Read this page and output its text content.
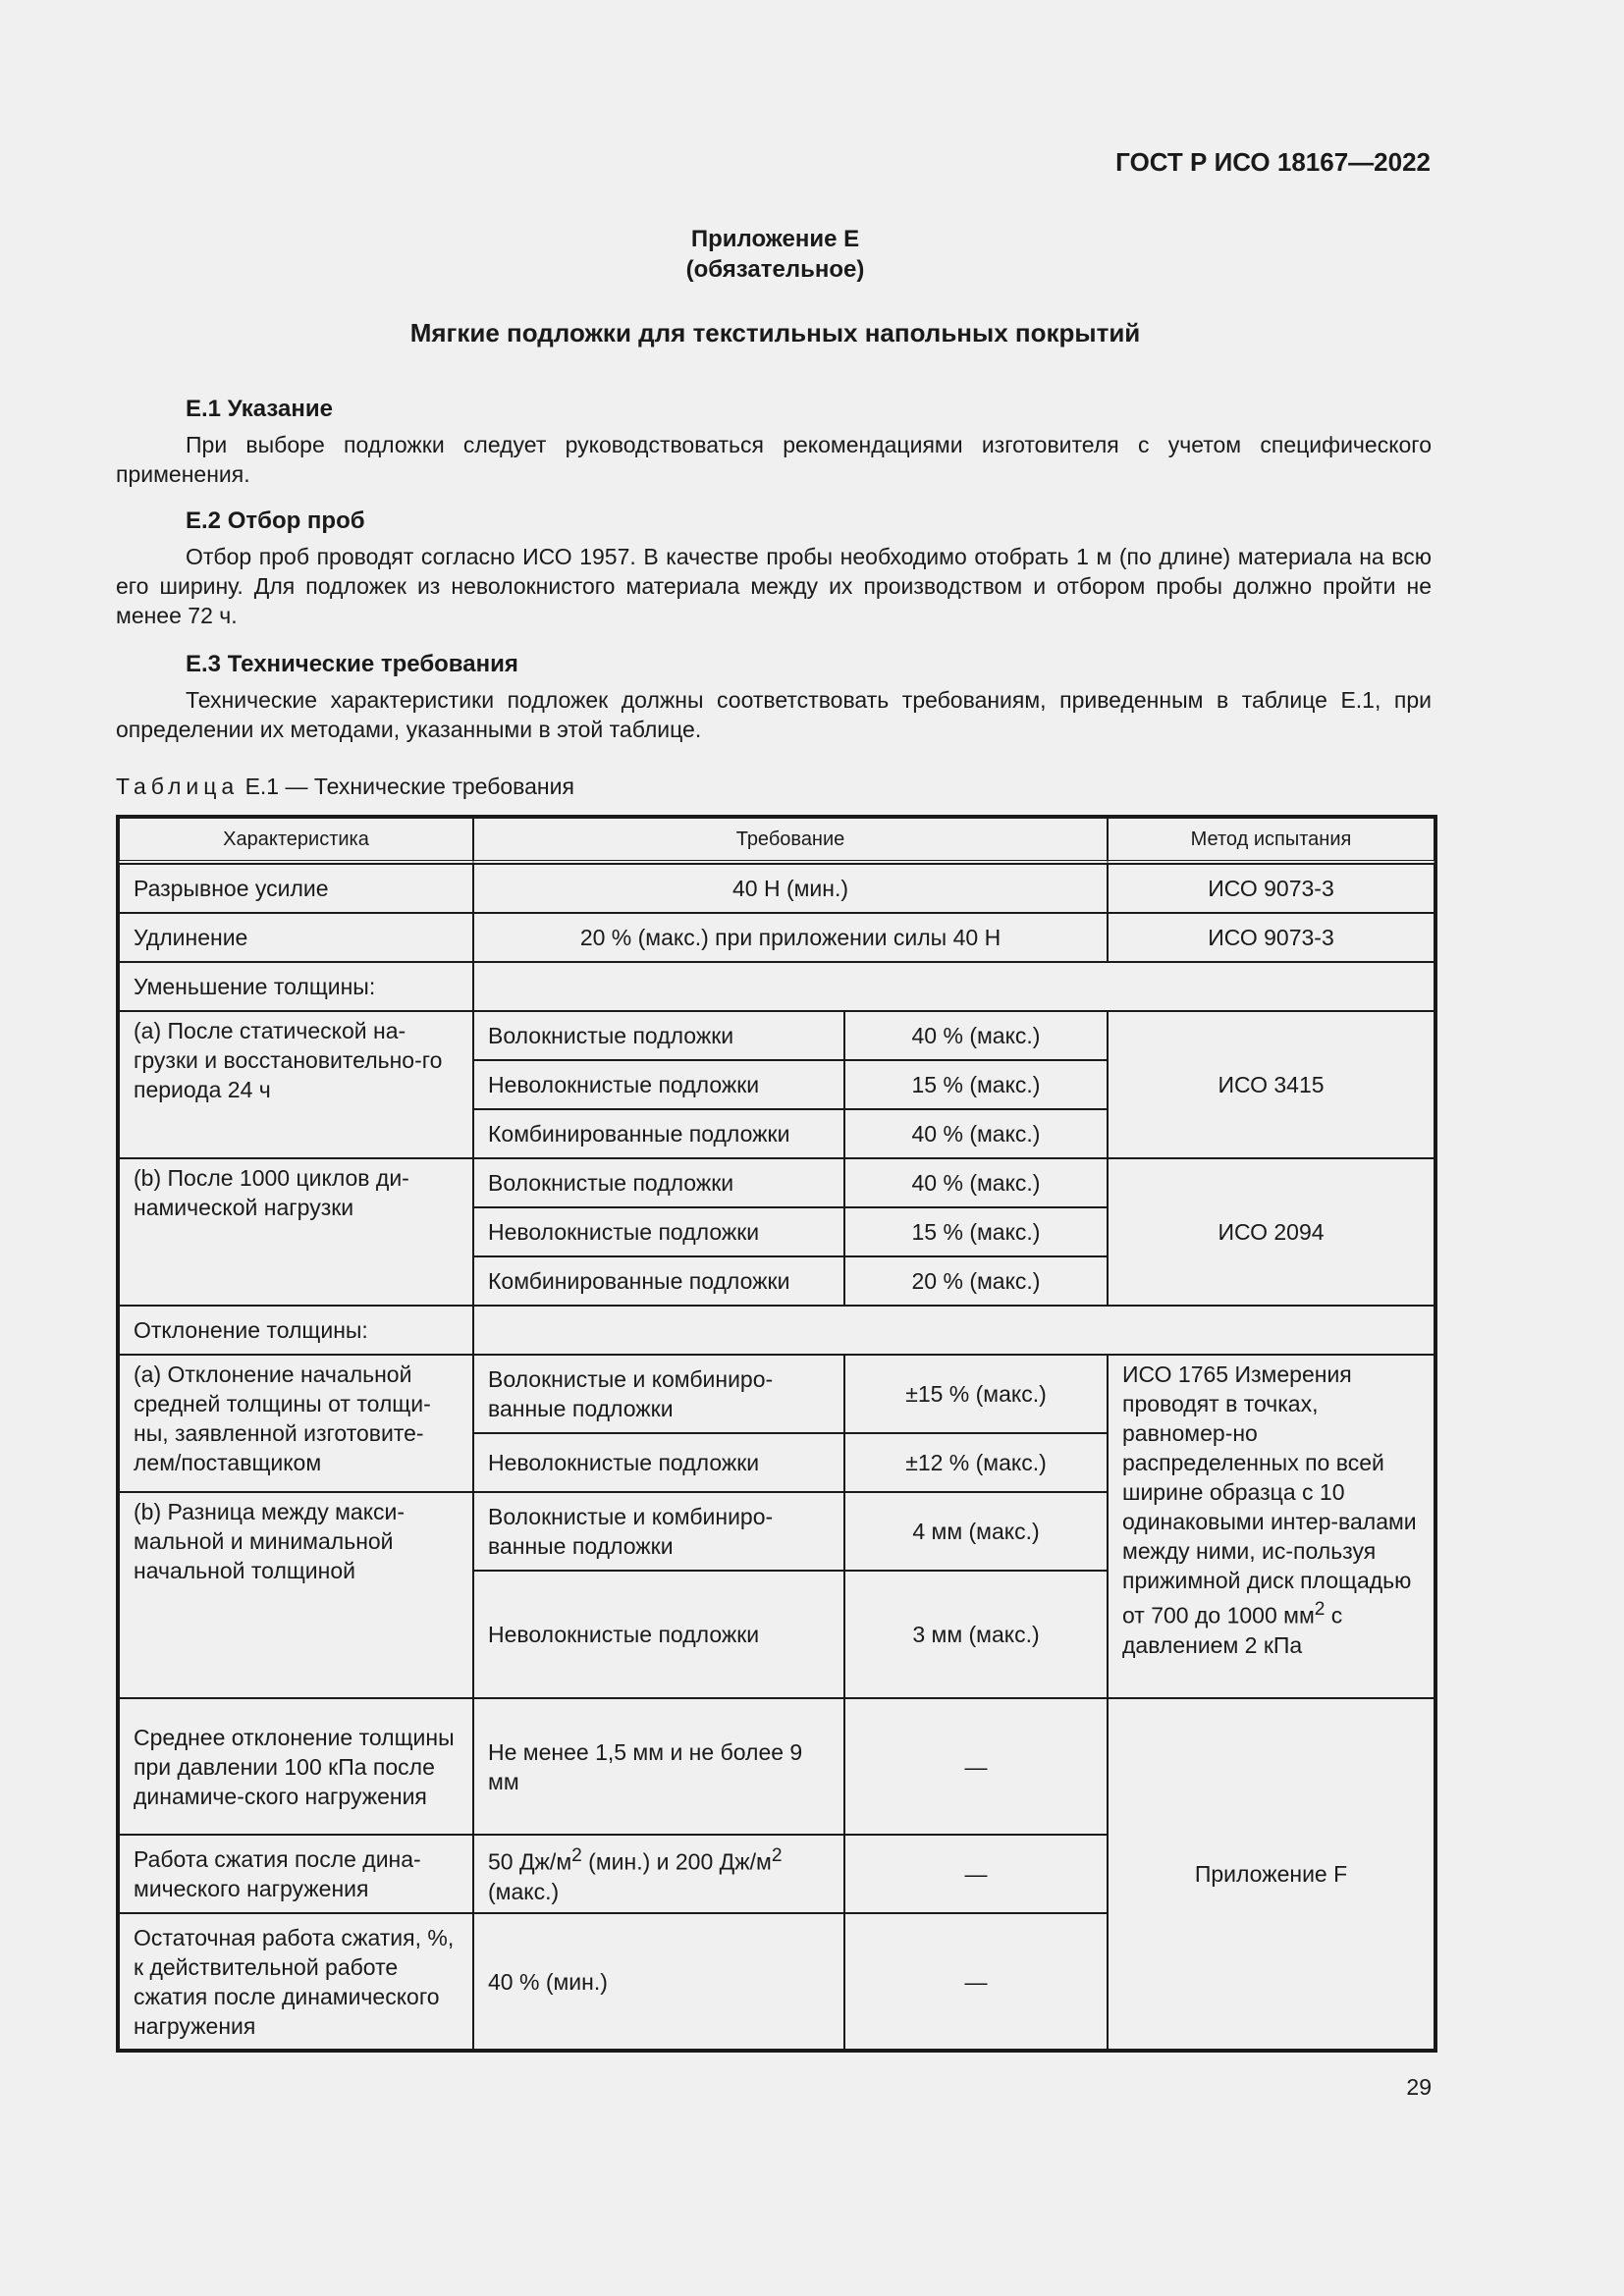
ГОСТ Р ИСО 18167—2022

Приложение E
(обязательное)
Мягкие подложки для текстильных напольных покрытий
E.1 Указание

При выборе подложки следует руководствоваться рекомендациями изготовителя с учетом специфического применения.

E.2 Отбор проб

Отбор проб проводят согласно ИСО 1957. В качестве пробы необходимо отобрать 1 м (по длине) материала на всю его ширину. Для подложек из неволокнистого материала между их производством и отбором пробы должно пройти не менее 72 ч.

E.3 Технические требования

Технические характеристики подложек должны соответствовать требованиям, приведенным в таблице E.1, при определении их методами, указанными в этой таблице.

Таблица E.1 — Технические требования

Характеристика	Требование		Метод испытания
Разрывное усилие	40 Н (мин.)		ИСО 9073-3
Удлинение	20 % (макс.) при приложении силы 40 Н		ИСО 9073-3
Уменьшение толщины:			
(a) После статической на-грузки и восстановительно-го периода 24 ч	Волокнистые подложки	40 % (макс.)	ИСО 3415
	Неволокнистые подложки	15 % (макс.)	
	Комбинированные подложки	40 % (макс.)	
(b) После 1000 циклов ди-намической нагрузки	Волокнистые подложки	40 % (макс.)	ИСО 2094
	Неволокнистые подложки	15 % (макс.)	
	Комбинированные подложки	20 % (макс.)	
Отклонение толщины:			
(a) Отклонение начальной средней толщины от толщи-ны, заявленной изготовите-лем/поставщиком	Волокнистые и комбиниро-ванные подложки	±15 % (макс.)	ИСО 1765 Измерения проводят в точках, равномер-но распределенных по всей ширине образца с 10 одинаковыми интер-валами между ними, ис-пользуя прижимной диск площадью от 700 до 1000 $мм^2$ с давлением 2 кПа
	Неволокнистые подложки	±12 % (макс.)	
(b) Разница между макси-мальной и минимальной начальной толщиной	Волокнистые и комбиниро-ванные подложки	4 мм (макс.)	
	Неволокнистые подложки	3 мм (макс.)	
Среднее отклонение толщины при давлении 100 кПа после динамиче-ского нагружения	Не менее 1,5 мм и не более 9 мм	—	Приложение F
Работа сжатия после дина-мического нагружения	50 $Дж/м^2$ (мин.) и 200 $Дж/м^2$ (макс.)	—	
Остаточная работа сжатия, %, к действительной работе сжатия после динамического нагружения	40 % (мин.)	—	

29
